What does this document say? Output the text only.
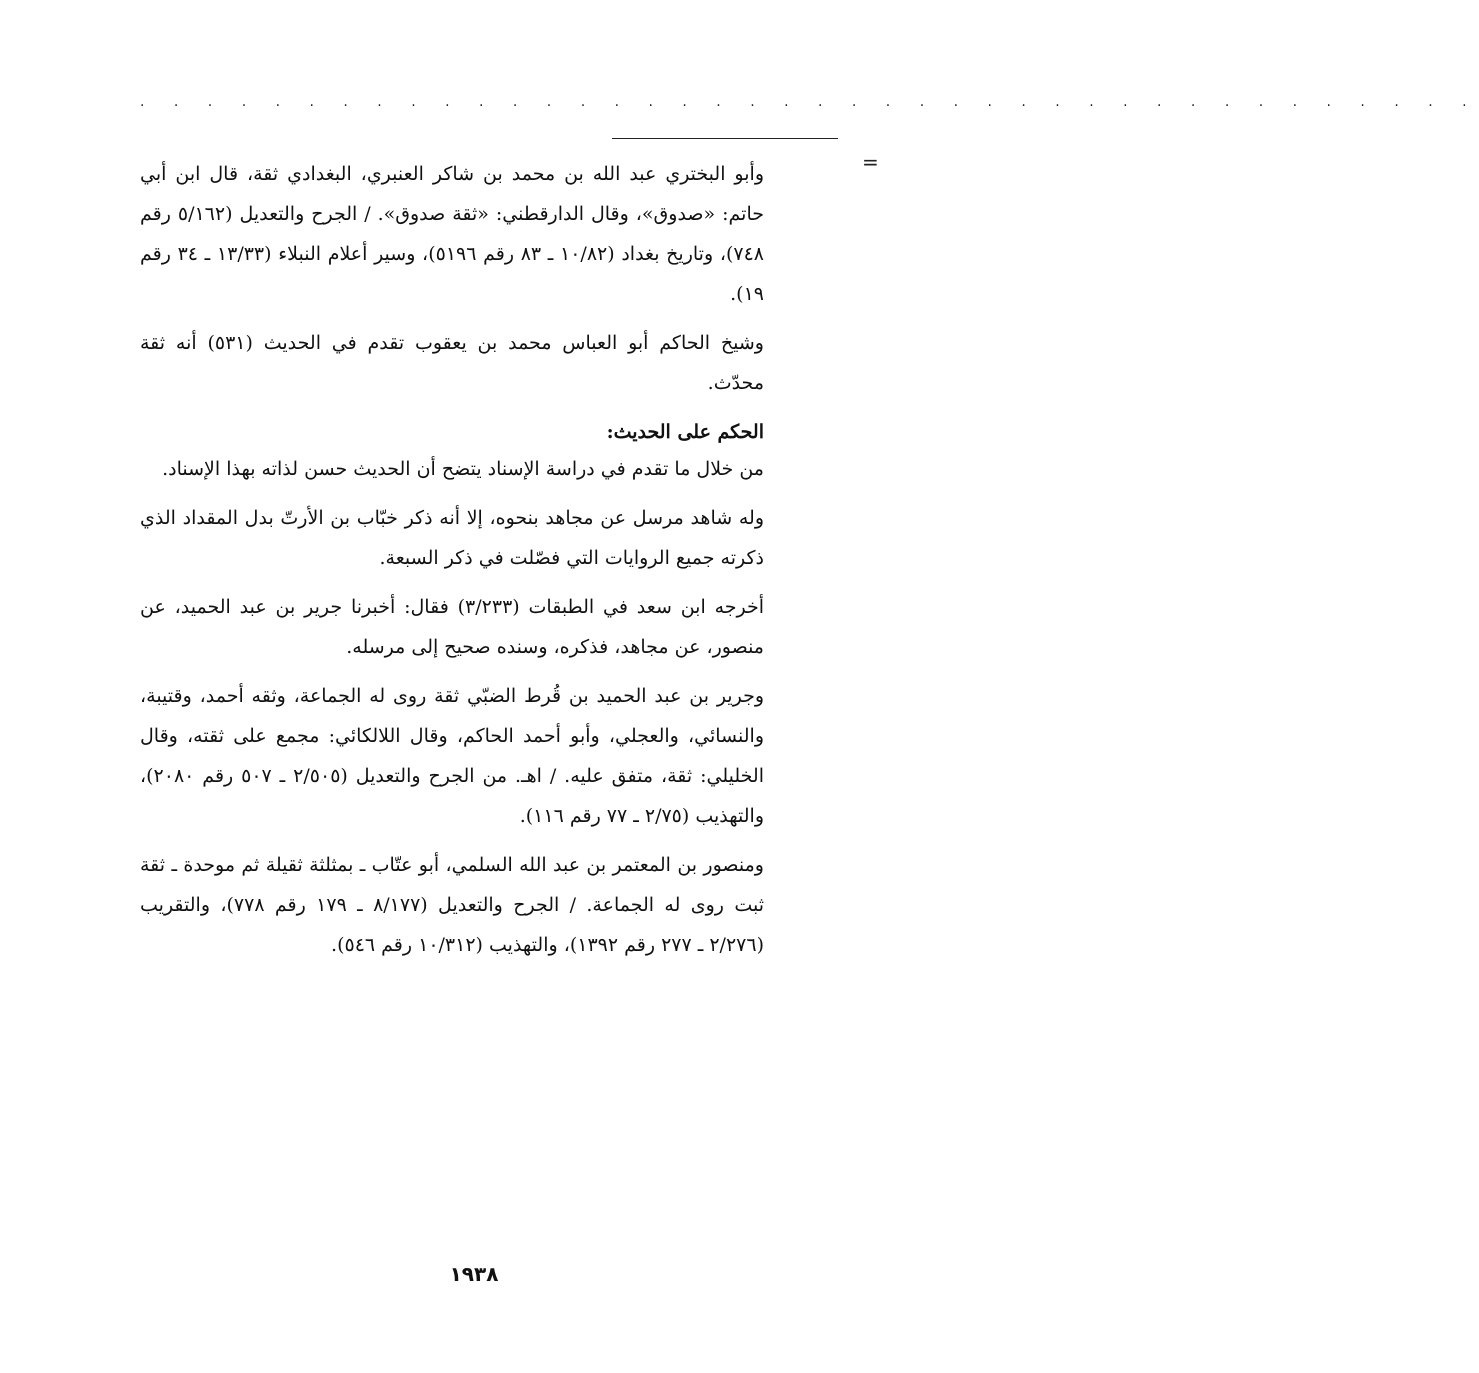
. . . . . . . . . . . . . . . . . . . . . . . . . . . . . . . . . . . . . . . .
=

وأبو البختري عبد الله بن محمد بن شاكر العنبري، البغدادي ثقة، قال ابن أبي حاتم: «صدوق»، وقال الدارقطني: «ثقة صدوق». / الجرح والتعديل (٥/١٦٢ رقم ٧٤٨)، وتاريخ بغداد (١٠/٨٢ ـ ٨٣ رقم ٥١٩٦)، وسير أعلام النبلاء (١٣/٣٣ ـ ٣٤ رقم ١٩).

وشيخ الحاكم أبو العباس محمد بن يعقوب تقدم في الحديث (٥٣١) أنه ثقة محدّث.

الحكم على الحديث:

من خلال ما تقدم في دراسة الإسناد يتضح أن الحديث حسن لذاته بهذا الإسناد.

وله شاهد مرسل عن مجاهد بنحوه، إلا أنه ذكر خبّاب بن الأرتّ بدل المقداد الذي ذكرته جميع الروايات التي فصّلت في ذكر السبعة.

أخرجه ابن سعد في الطبقات (٣/٢٣٣) فقال: أخبرنا جرير بن عبد الحميد، عن منصور، عن مجاهد، فذكره، وسنده صحيح إلى مرسله.

وجرير بن عبد الحميد بن قُرط الضبّي ثقة روى له الجماعة، وثقه أحمد، وقتيبة، والنسائي، والعجلي، وأبو أحمد الحاكم، وقال اللالكائي: مجمع على ثقته، وقال الخليلي: ثقة، متفق عليه. / اهـ. من الجرح والتعديل (٢/٥٠٥ ـ ٥٠٧ رقم ٢٠٨٠)، والتهذيب (٢/٧٥ ـ ٧٧ رقم ١١٦).

ومنصور بن المعتمر بن عبد الله السلمي، أبو عتّاب ـ بمثلثة ثقيلة ثم موحدة ـ ثقة ثبت روى له الجماعة. / الجرح والتعديل (٨/١٧٧ ـ ١٧٩ رقم ٧٧٨)، والتقريب (٢/٢٧٦ ـ ٢٧٧ رقم ١٣٩٢)، والتهذيب (١٠/٣١٢ رقم ٥٤٦).

١٩٣٨
